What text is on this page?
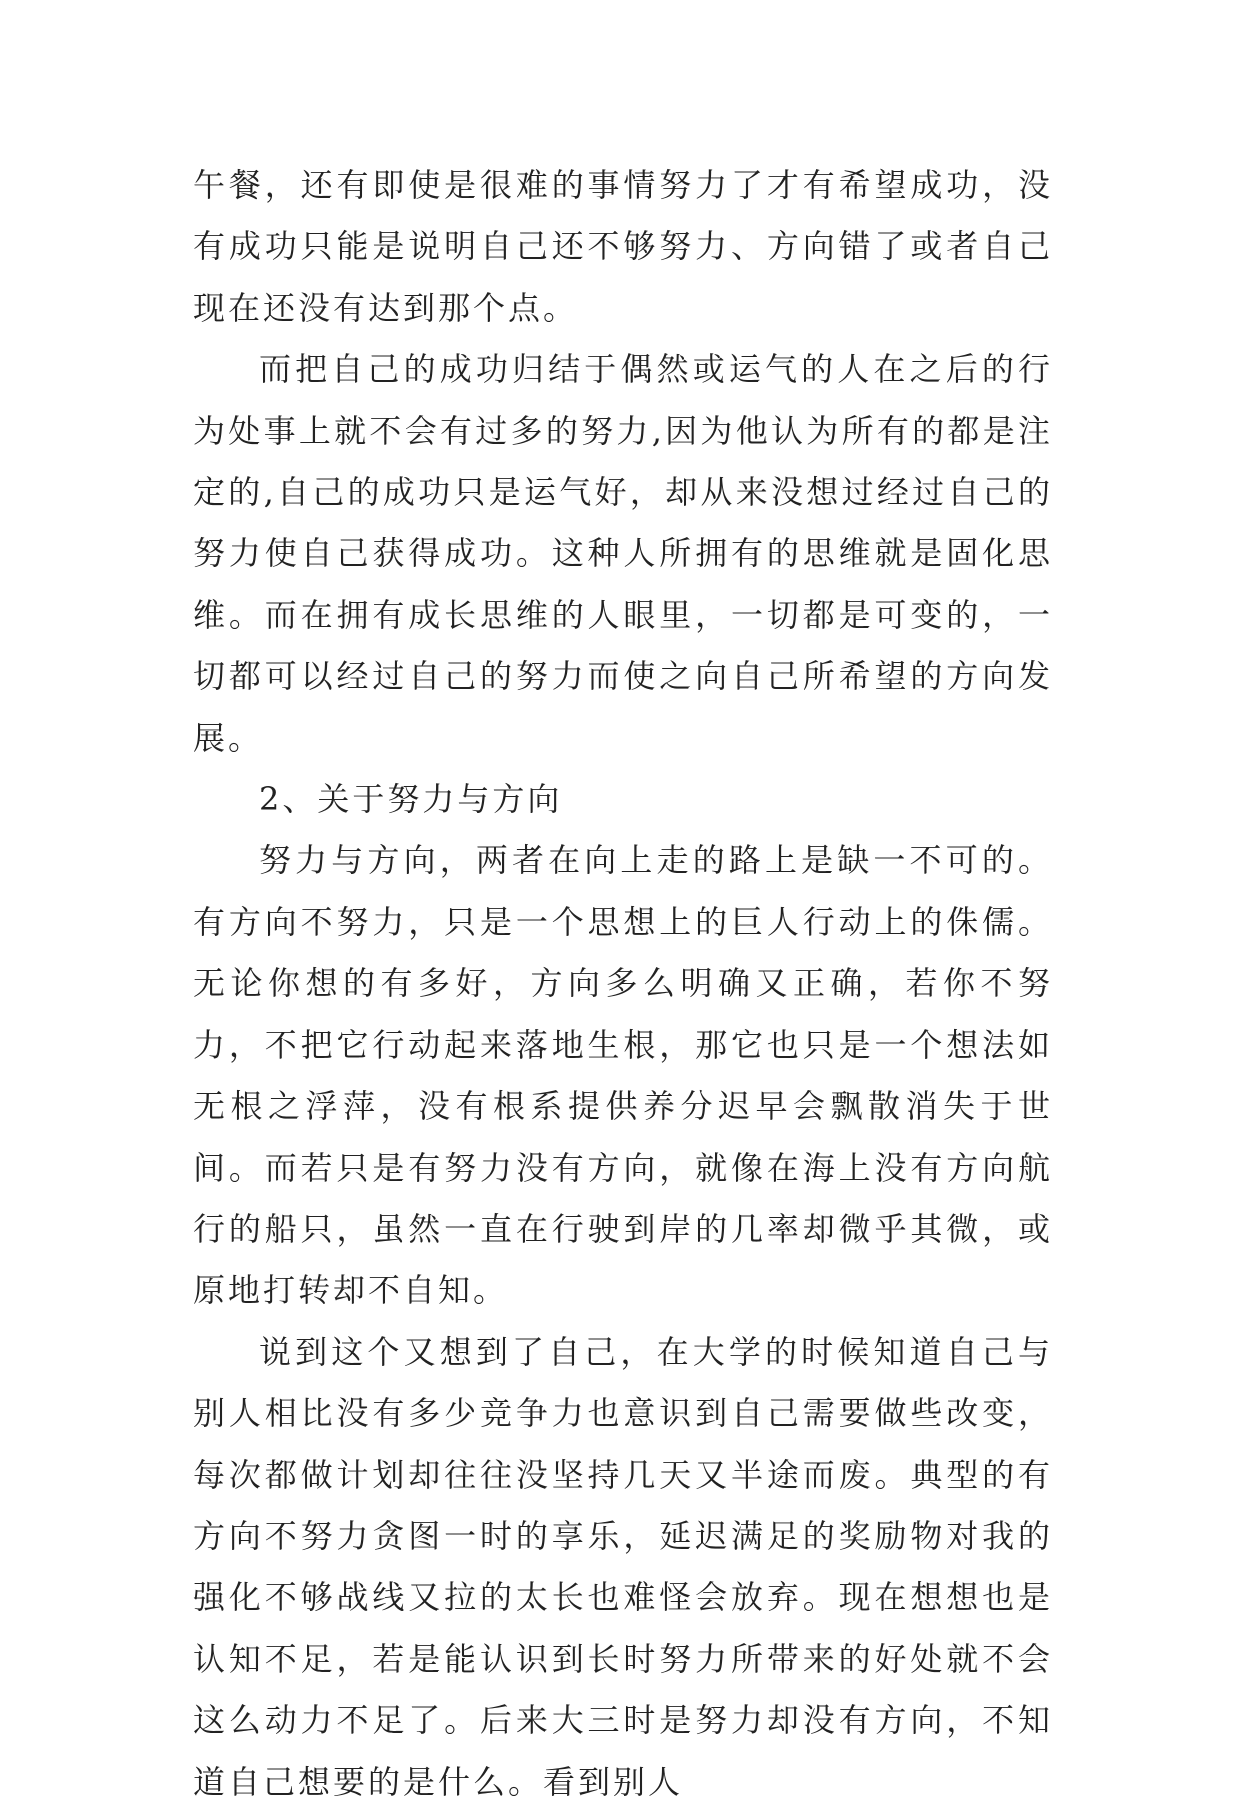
午餐，还有即使是很难的事情努力了才有希望成功，没有成功只能是说明自己还不够努力、方向错了或者自己现在还没有达到那个点。

而把自己的成功归结于偶然或运气的人在之后的行为处事上就不会有过多的努力,因为他认为所有的都是注定的,自己的成功只是运气好，却从来没想过经过自己的努力使自己获得成功。这种人所拥有的思维就是固化思维。而在拥有成长思维的人眼里，一切都是可变的，一切都可以经过自己的努力而使之向自己所希望的方向发展。

2、关于努力与方向

努力与方向，两者在向上走的路上是缺一不可的。有方向不努力，只是一个思想上的巨人行动上的侏儒。无论你想的有多好，方向多么明确又正确，若你不努力，不把它行动起来落地生根，那它也只是一个想法如无根之浮萍，没有根系提供养分迟早会飘散消失于世间。而若只是有努力没有方向，就像在海上没有方向航行的船只，虽然一直在行驶到岸的几率却微乎其微，或原地打转却不自知。

说到这个又想到了自己，在大学的时候知道自己与别人相比没有多少竞争力也意识到自己需要做些改变，每次都做计划却往往没坚持几天又半途而废。典型的有方向不努力贪图一时的享乐，延迟满足的奖励物对我的强化不够战线又拉的太长也难怪会放弃。现在想想也是认知不足，若是能认识到长时努力所带来的好处就不会这么动力不足了。后来大三时是努力却没有方向，不知道自己想要的是什么。看到别人
